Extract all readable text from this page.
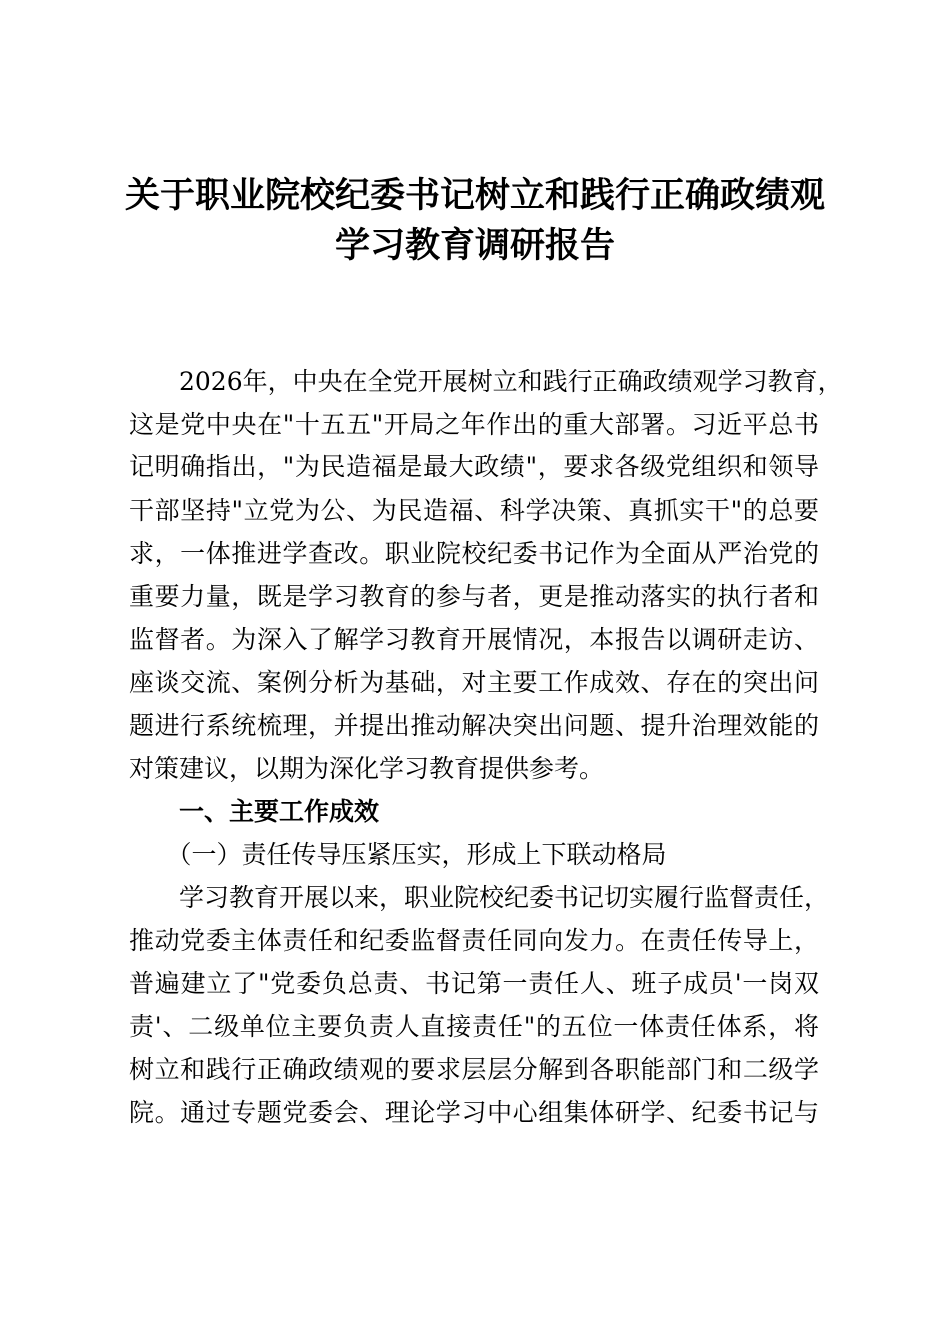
关于职业院校纪委书记树立和践行正确政绩观
学习教育调研报告

　　2026年，中央在全党开展树立和践行正确政绩观学习教育，

这是党中央在"十五五"开局之年作出的重大部署。习近平总书

记明确指出，"为民造福是最大政绩"，要求各级党组织和领导

干部坚持"立党为公、为民造福、科学决策、真抓实干"的总要

求，一体推进学查改。职业院校纪委书记作为全面从严治党的

重要力量，既是学习教育的参与者，更是推动落实的执行者和

监督者。为深入了解学习教育开展情况，本报告以调研走访、

座谈交流、案例分析为基础，对主要工作成效、存在的突出问

题进行系统梳理，并提出推动解决突出问题、提升治理效能的

对策建议，以期为深化学习教育提供参考。

　　一、主要工作成效
　　（一）责任传导压紧压实，形成上下联动格局

　　学习教育开展以来，职业院校纪委书记切实履行监督责任，

推动党委主体责任和纪委监督责任同向发力。在责任传导上，

普遍建立了"党委负总责、书记第一责任人、班子成员'一岗双

责'、二级单位主要负责人直接责任"的五位一体责任体系，将

树立和践行正确政绩观的要求层层分解到各职能部门和二级学

院。通过专题党委会、理论学习中心组集体研学、纪委书记与
